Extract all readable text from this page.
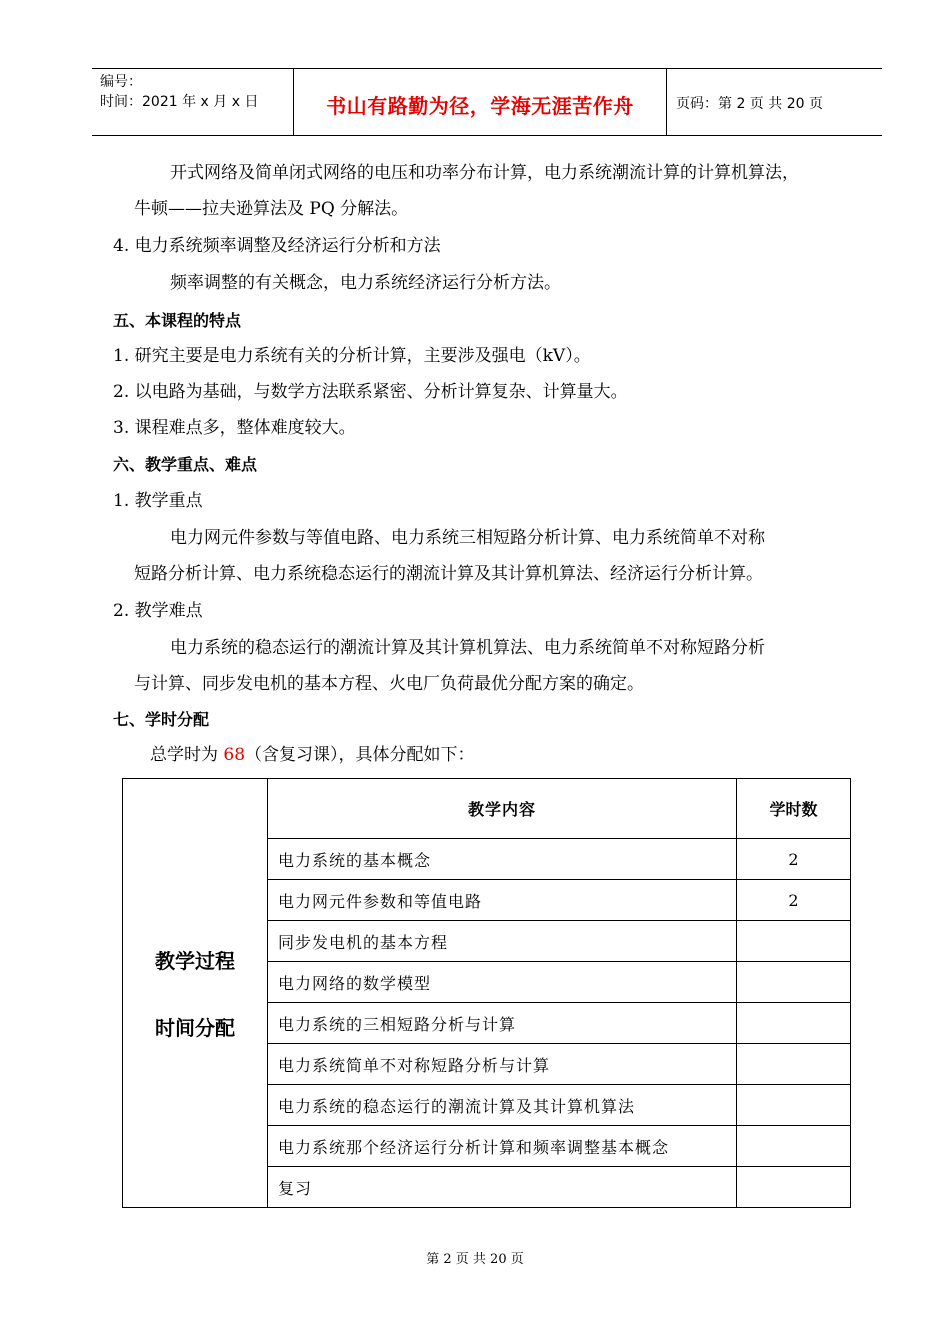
编号：
时间：2021 年 x 月 x 日	书山有路勤为径，学海无涯苦作舟	页码：第 2 页 共 20 页
开式网络及简单闭式网络的电压和功率分布计算，电力系统潮流计算的计算机算法，
牛顿——拉夫逊算法及 PQ 分解法。
4. 电力系统频率调整及经济运行分析和方法
频率调整的有关概念，电力系统经济运行分析方法。
五、本课程的特点
1. 研究主要是电力系统有关的分析计算，主要涉及强电（kV）。
2. 以电路为基础，与数学方法联系紧密、分析计算复杂、计算量大。
3. 课程难点多，整体难度较大。
六、教学重点、难点
1. 教学重点
电力网元件参数与等值电路、电力系统三相短路分析计算、电力系统简单不对称
短路分析计算、电力系统稳态运行的潮流计算及其计算机算法、经济运行分析计算。
2. 教学难点
电力系统的稳态运行的潮流计算及其计算机算法、电力系统简单不对称短路分析
与计算、同步发电机的基本方程、火电厂负荷最优分配方案的确定。
七、学时分配
总学时为 68（含复习课），具体分配如下：
教学过程
时间分配	教学内容	学时数
	电力系统的基本概念	2
	电力网元件参数和等值电路	2
	同步发电机的基本方程	
	电力网络的数学模型	
	电力系统的三相短路分析与计算	
	电力系统简单不对称短路分析与计算	
	电力系统的稳态运行的潮流计算及其计算机算法	
	电力系统那个经济运行分析计算和频率调整基本概念	
	复习	
第 2 页 共 20 页
